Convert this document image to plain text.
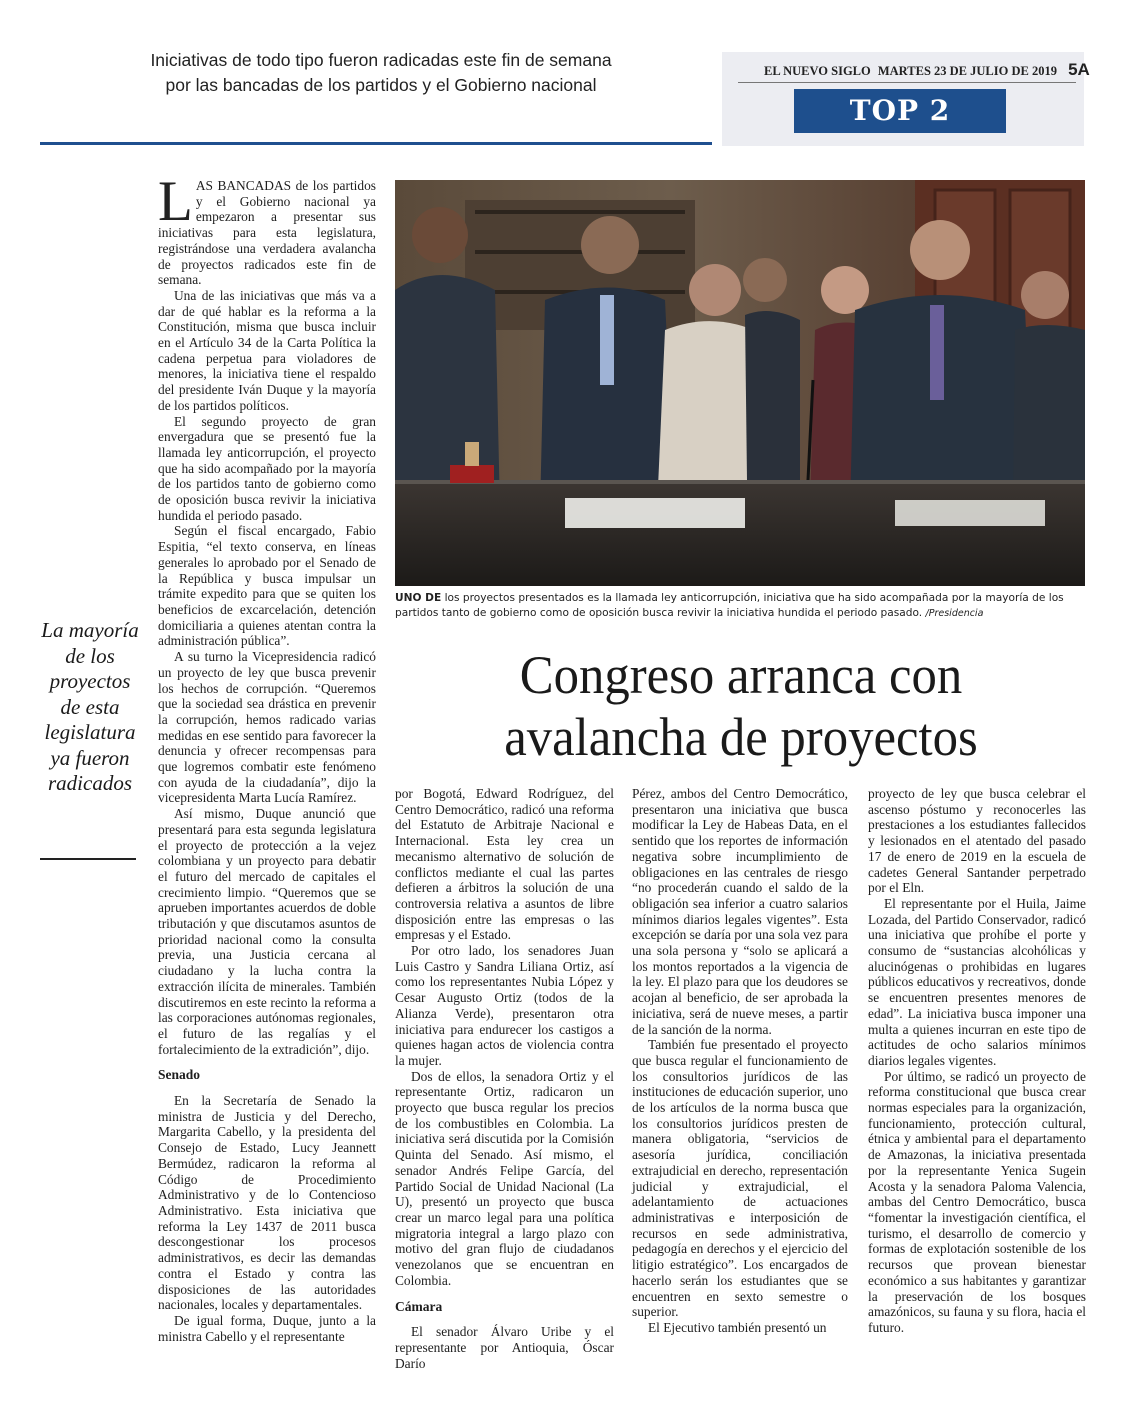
Iniciativas de todo tipo fueron radicadas este fin de semana por las bancadas de los partidos y el Gobierno nacional
EL NUEVO SIGLO MARTES 23 DE JULIO DE 2019 5A
TOP 2
La mayoría de los proyectos de esta legislatura ya fueron radicados

LAS BANCADAS de los partidos y el Gobierno nacional ya empezaron a presentar sus iniciativas para esta legislatura, registrándose una verdadera avalancha de proyectos radicados este fin de semana.

Una de las iniciativas que más va a dar de qué hablar es la reforma a la Constitución, misma que busca incluir en el Artículo 34 de la Carta Política la cadena perpetua para violadores de menores, la iniciativa tiene el respaldo del presidente Iván Duque y la mayoría de los partidos políticos.

El segundo proyecto de gran envergadura que se presentó fue la llamada ley anticorrupción, el proyecto que ha sido acompañado por la mayoría de los partidos tanto de gobierno como de oposición busca revivir la iniciativa hundida el periodo pasado.

Según el fiscal encargado, Fabio Espitia, “el texto conserva, en líneas generales lo aprobado por el Senado de la República y busca impulsar un trámite expedito para que se quiten los beneficios de excarcelación, detención domiciliaria a quienes atentan contra la administración pública”.

A su turno la Vicepresidencia radicó un proyecto de ley que busca prevenir los hechos de corrupción. “Queremos que la sociedad sea drástica en prevenir la corrupción, hemos radicado varias medidas en ese sentido para favorecer la denuncia y ofrecer recompensas para que logremos combatir este fenómeno con ayuda de la ciudadanía”, dijo la vicepresidenta Marta Lucía Ramírez.

Así mismo, Duque anunció que presentará para esta segunda legislatura el proyecto de protección a la vejez colombiana y un proyecto para debatir el futuro del mercado de capitales el crecimiento limpio. “Queremos que se aprueben importantes acuerdos de doble tributación y que discutamos asuntos de prioridad nacional como la consulta previa, una Justicia cercana al ciudadano y la lucha contra la extracción ilícita de minerales. También discutiremos en este recinto la reforma a las corporaciones autónomas regionales, el futuro de las regalías y el fortalecimiento de la extradición”, dijo.

Senado

En la Secretaría de Senado la ministra de Justicia y del Derecho, Margarita Cabello, y la presidenta del Consejo de Estado, Lucy Jeannett Bermúdez, radicaron la reforma al Código de Procedimiento Administrativo y de lo Contencioso Administrativo. Esta iniciativa que reforma la Ley 1437 de 2011 busca descongestionar los procesos administrativos, es decir las demandas contra el Estado y contra las disposiciones de las autoridades nacionales, locales y departamentales.

De igual forma, Duque, junto a la ministra Cabello y el representante

UNO DE los proyectos presentados es la llamada ley anticorrupción, iniciativa que ha sido acompañada por la mayoría de los partidos tanto de gobierno como de oposición busca revivir la iniciativa hundida el periodo pasado. /Presidencia
Congreso arranca con avalancha de proyectos

por Bogotá, Edward Rodríguez, del Centro Democrático, radicó una reforma del Estatuto de Arbitraje Nacional e Internacional. Esta ley crea un mecanismo alternativo de solución de conflictos mediante el cual las partes defieren a árbitros la solución de una controversia relativa a asuntos de libre disposición entre las empresas o las empresas y el Estado.

Por otro lado, los senadores Juan Luis Castro y Sandra Liliana Ortiz, así como los representantes Nubia López y Cesar Augusto Ortiz (todos de la Alianza Verde), presentaron otra iniciativa para endurecer los castigos a quienes hagan actos de violencia contra la mujer.

Dos de ellos, la senadora Ortiz y el representante Ortiz, radicaron un proyecto que busca regular los precios de los combustibles en Colombia. La iniciativa será discutida por la Comisión Quinta del Senado. Así mismo, el senador Andrés Felipe García, del Partido Social de Unidad Nacional (La U), presentó un proyecto que busca crear un marco legal para una política migratoria integral a largo plazo con motivo del gran flujo de ciudadanos venezolanos que se encuentran en Colombia.

Cámara

El senador Álvaro Uribe y el representante por Antioquia, Óscar Darío

Pérez, ambos del Centro Democrático, presentaron una iniciativa que busca modificar la Ley de Habeas Data, en el sentido que los reportes de información negativa sobre incumplimiento de obligaciones en las centrales de riesgo “no procederán cuando el saldo de la obligación sea inferior a cuatro salarios mínimos diarios legales vigentes”. Esta excepción se daría por una sola vez para una sola persona y “solo se aplicará a los montos reportados a la vigencia de la ley. El plazo para que los deudores se acojan al beneficio, de ser aprobada la iniciativa, será de nueve meses, a partir de la sanción de la norma.

También fue presentado el proyecto que busca regular el funcionamiento de los consultorios jurídicos de las instituciones de educación superior, uno de los artículos de la norma busca que los consultorios jurídicos presten de manera obligatoria, “servicios de asesoría jurídica, conciliación extrajudicial en derecho, representación judicial y extrajudicial, el adelantamiento de actuaciones administrativas e interposición de recursos en sede administrativa, pedagogía en derechos y el ejercicio del litigio estratégico”. Los encargados de hacerlo serán los estudiantes que se encuentren en sexto semestre o superior.

El Ejecutivo también presentó un

proyecto de ley que busca celebrar el ascenso póstumo y reconocerles las prestaciones a los estudiantes fallecidos y lesionados en el atentado del pasado 17 de enero de 2019 en la escuela de cadetes General Santander perpetrado por el Eln.

El representante por el Huila, Jaime Lozada, del Partido Conservador, radicó una iniciativa que prohíbe el porte y consumo de “sustancias alcohólicas y alucinógenas o prohibidas en lugares públicos educativos y recreativos, donde se encuentren presentes menores de edad”. La iniciativa busca imponer una multa a quienes incurran en este tipo de actitudes de ocho salarios mínimos diarios legales vigentes.

Por último, se radicó un proyecto de reforma constitucional que busca crear normas especiales para la organización, funcionamiento, protección cultural, étnica y ambiental para el departamento de Amazonas, la iniciativa presentada por la representante Yenica Sugein Acosta y la senadora Paloma Valencia, ambas del Centro Democrático, busca “fomentar la investigación científica, el turismo, el desarrollo de comercio y formas de explotación sostenible de los recursos que provean bienestar económico a sus habitantes y garantizar la preservación de los bosques amazónicos, su fauna y su flora, hacia el futuro.
